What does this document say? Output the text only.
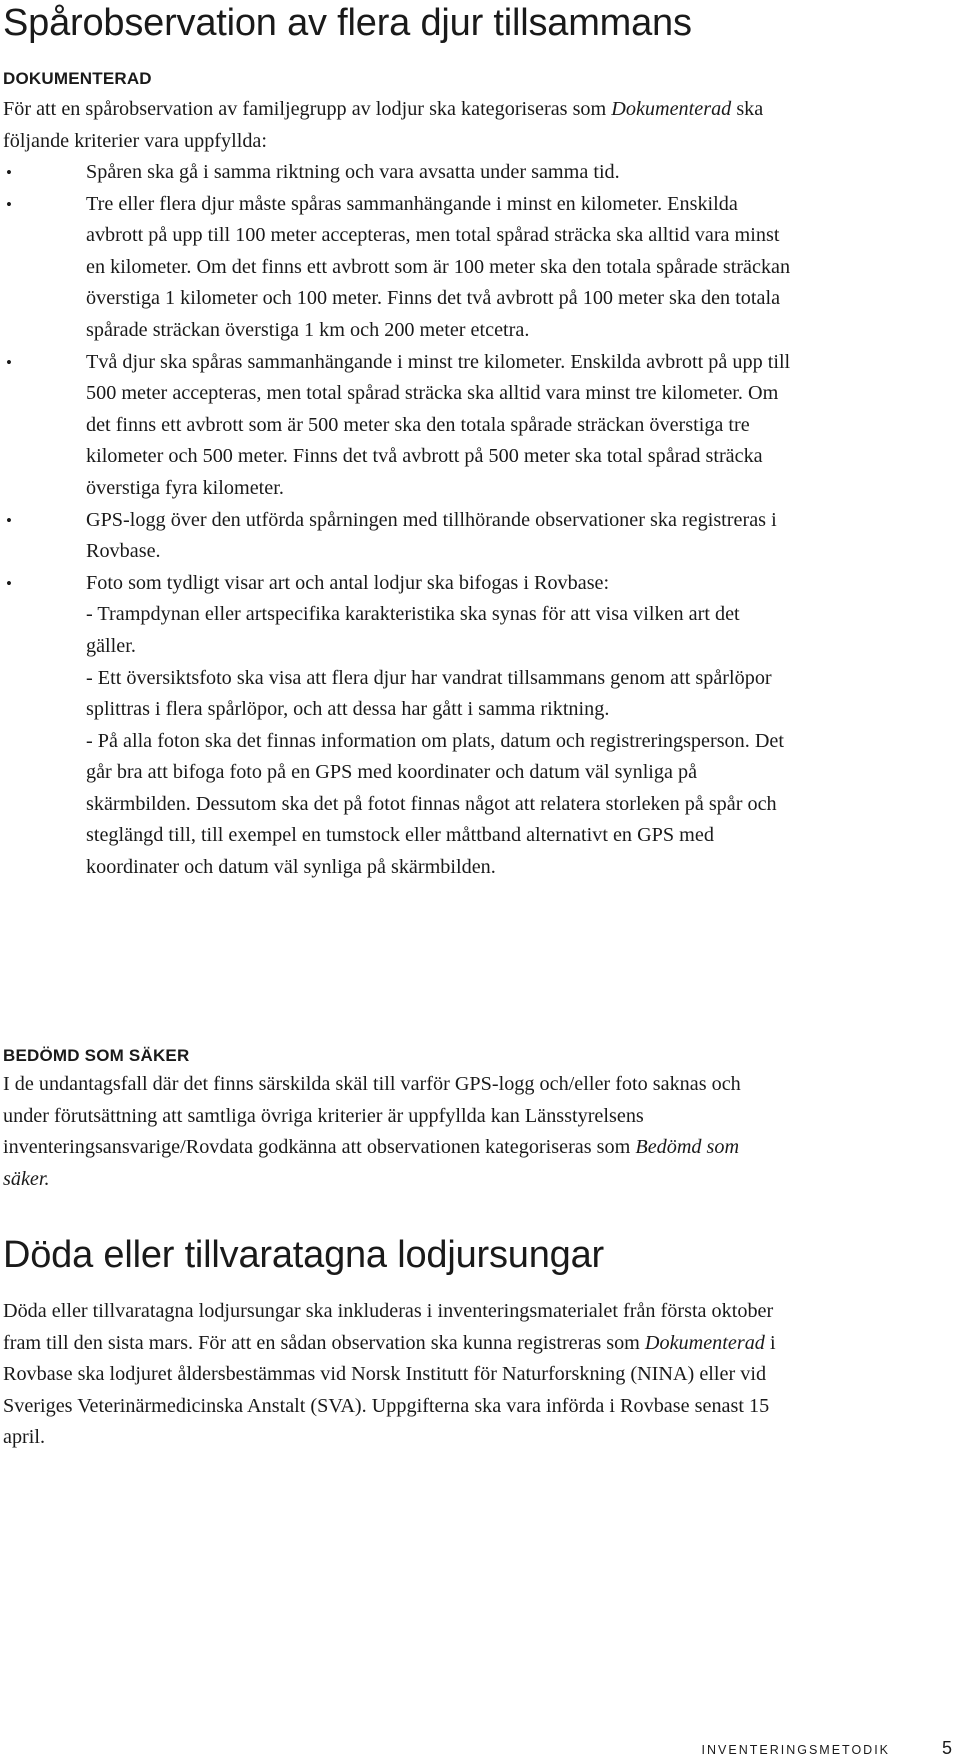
Spårobservation av flera djur tillsammans
DOKUMENTERAD
För att en spårobservation av familjegrupp av lodjur ska kategoriseras som Dokumenterad ska följande kriterier vara uppfyllda:
•	Spåren ska gå i samma riktning och vara avsatta under samma tid.
•	Tre eller flera djur måste spåras sammanhängande i minst en kilometer. Enskilda avbrott på upp till 100 meter accepteras, men total spårad sträcka ska alltid vara minst en kilometer. Om det finns ett avbrott som är 100 meter ska den totala spårade sträckan överstiga 1 kilometer och 100 meter. Finns det två avbrott på 100 meter ska den totala spårade sträckan överstiga 1 km och 200 meter etcetra.
•	Två djur ska spåras sammanhängande i minst tre kilometer. Enskilda avbrott på upp till 500 meter accepteras, men total spårad sträcka ska alltid vara minst tre kilometer. Om det finns ett avbrott som är 500 meter ska den totala spårade sträckan överstiga tre kilometer och 500 meter. Finns det två avbrott på 500 meter ska total spårad sträcka överstiga fyra kilometer.
•	GPS-logg över den utförda spårningen med tillhörande observationer ska registreras i Rovbase.
•	Foto som tydligt visar art och antal lodjur ska bifogas i Rovbase:
- Trampdynan eller artspecifika karakteristika ska synas för att visa vilken art det gäller.
- Ett översiktsfoto ska visa att flera djur har vandrat tillsammans genom att spårlöpor splittras i flera spårlöpor, och att dessa har gått i samma riktning.
- På alla foton ska det finnas information om plats, datum och registreringsperson. Det går bra att bifoga foto på en GPS med koordinater och datum väl synliga på skärmbilden. Dessutom ska det på fotot finnas något att relatera storleken på spår och steglängd till, till exempel en tumstock eller måttband alternativt en GPS med koordinater och datum väl synliga på skärmbilden.
BEDÖMD SOM SÄKER
I de undantagsfall där det finns särskilda skäl till varför GPS-logg och/eller foto saknas och under förutsättning att samtliga övriga kriterier är uppfyllda kan Länsstyrelsens inventeringsansvarige/Rovdata godkänna att observationen kategoriseras som Bedömd som säker.
Döda eller tillvaratagna lodjursungar
Döda eller tillvaratagna lodjursungar ska inkluderas i inventeringsmaterialet från första oktober fram till den sista mars. För att en sådan observation ska kunna registreras som Dokumenterad i Rovbase ska lodjuret åldersbestämmas vid Norsk Institutt för Naturforskning (NINA) eller vid Sveriges Veterinärmedicinska Anstalt (SVA). Uppgifterna ska vara införda i Rovbase senast 15 april.
INVENTERINGSMETODIK	5
